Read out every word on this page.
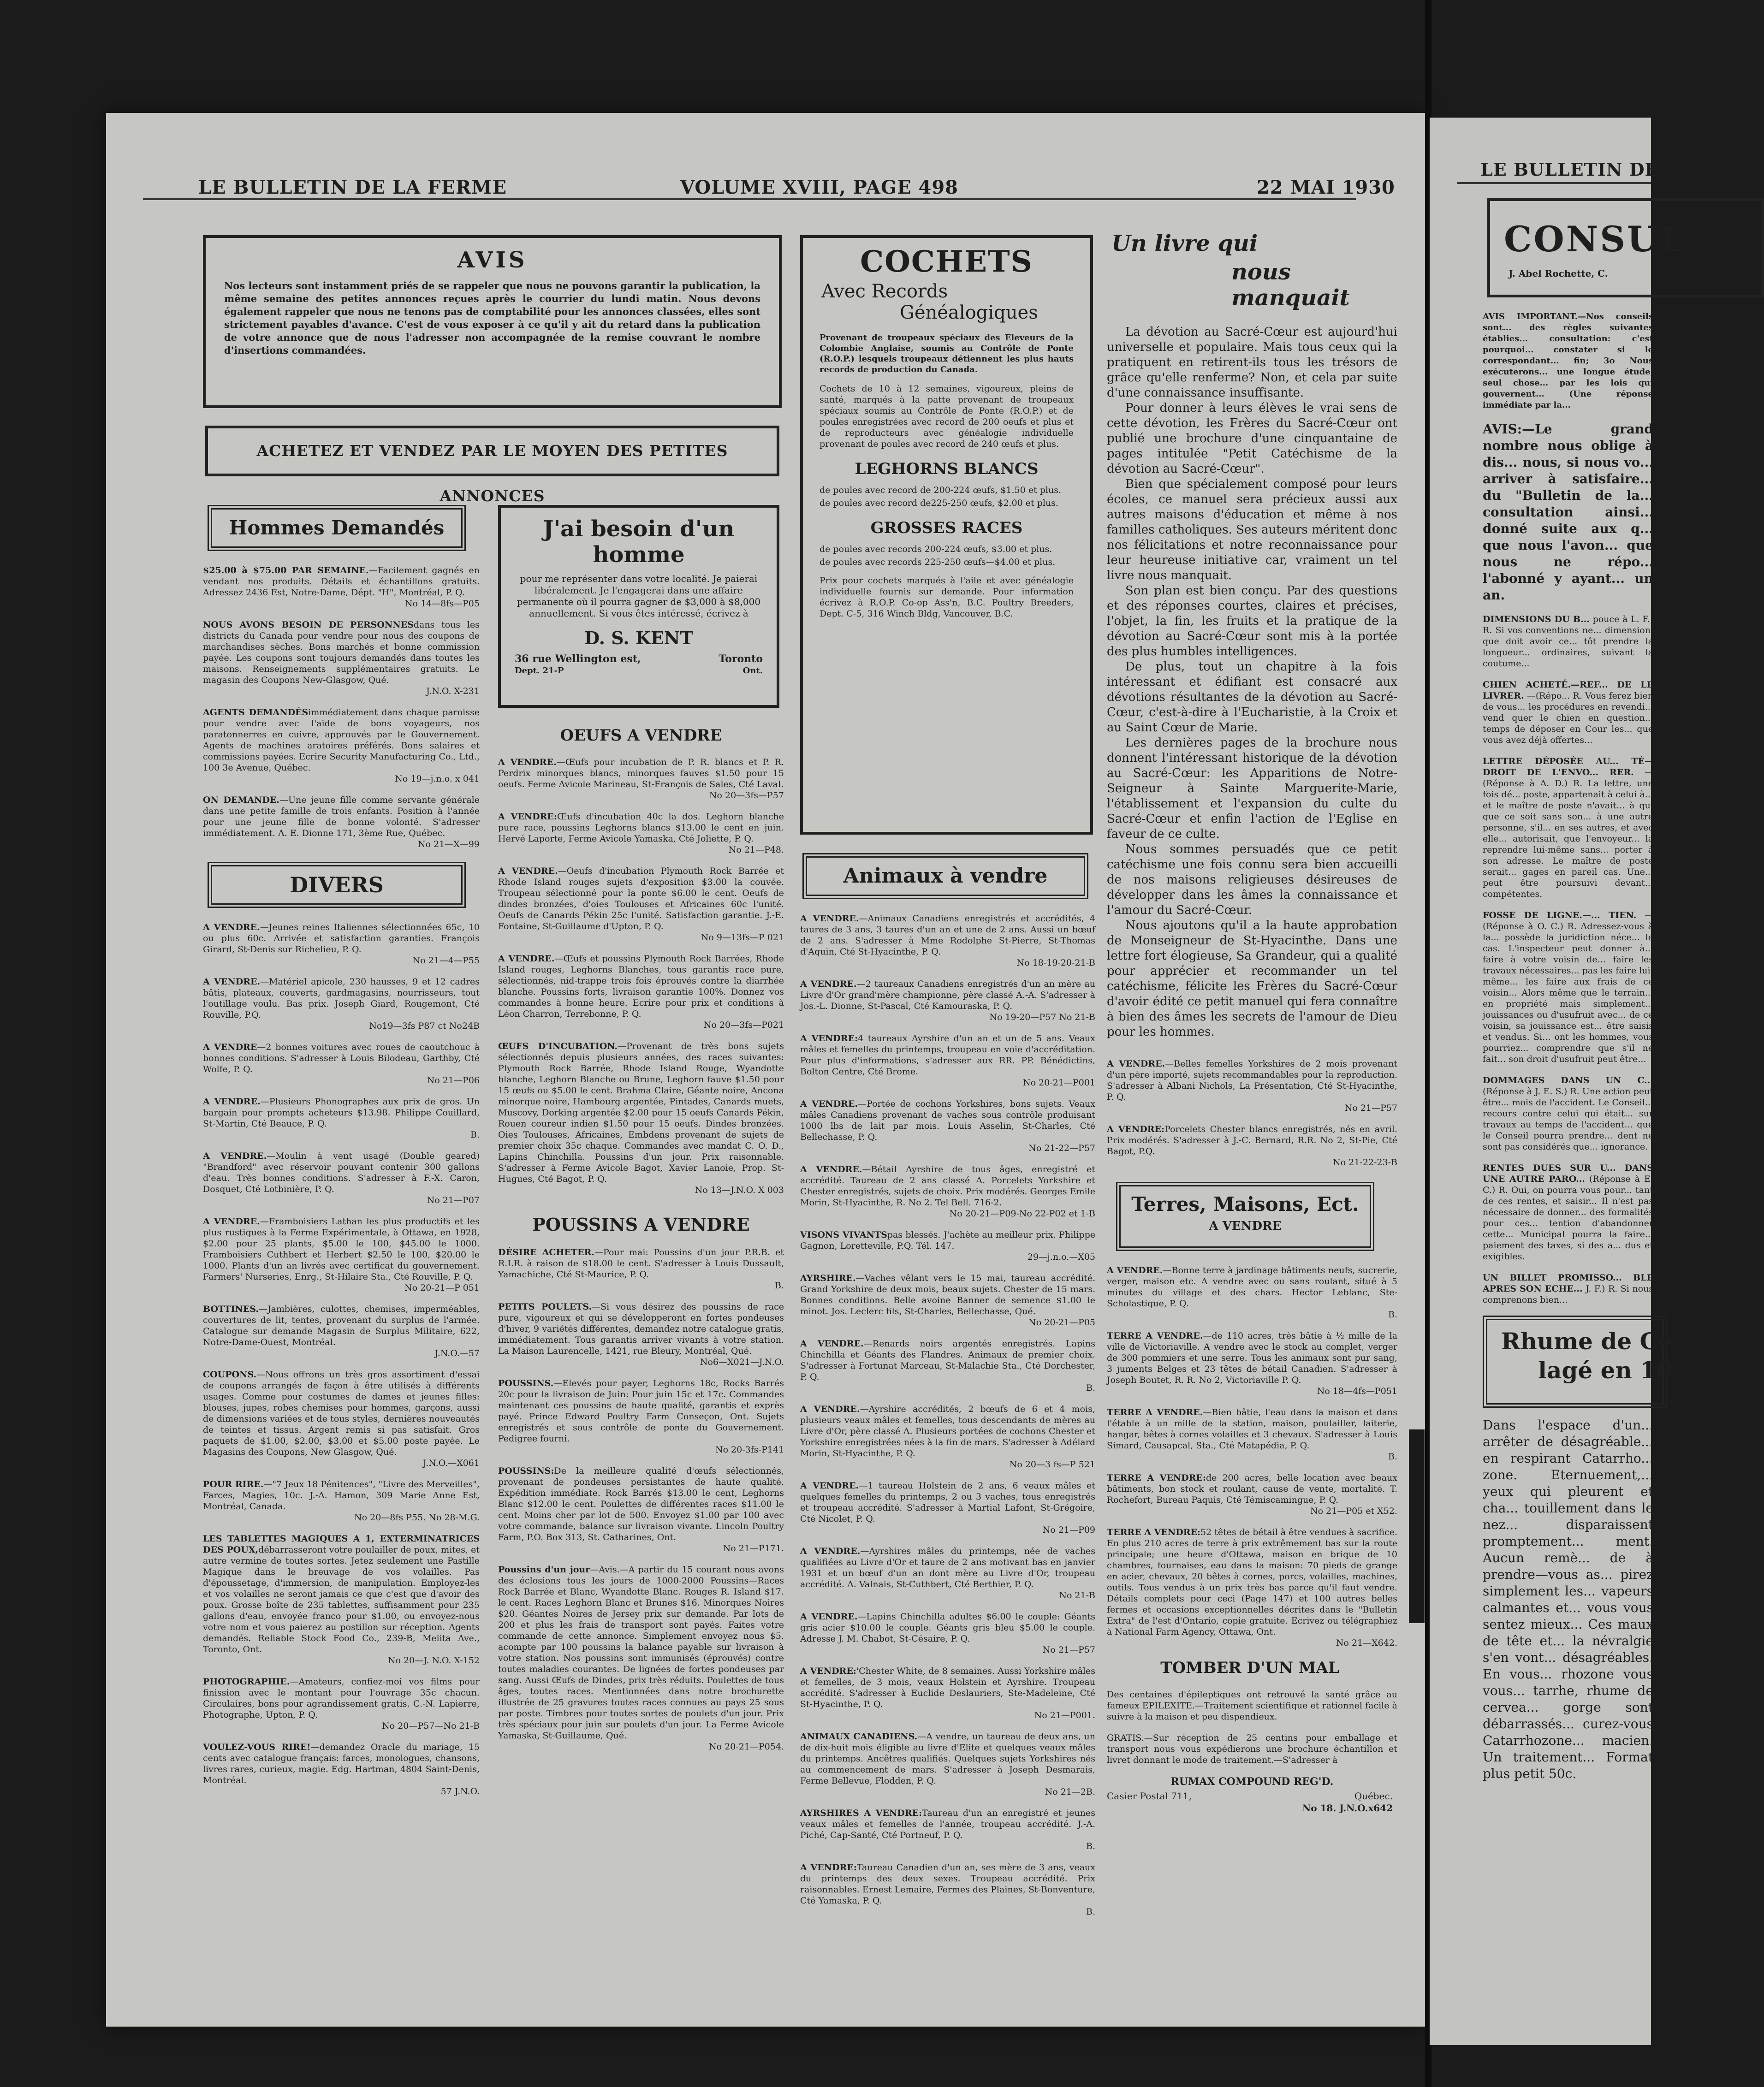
LE BULLETIN DE LA FERME	VOLUME XVIII, PAGE 498	22 MAI 1930
AVIS
Nos lecteurs sont instamment priés de se rappeler que nous ne pouvons garantir la publication, la même semaine des petites annonces reçues après le courrier du lundi matin. Nous devons également rappeler que nous ne tenons pas de comptabilité pour les annonces classées, elles sont strictement payables d'avance. C'est de vous exposer à ce qu'il y ait du retard dans la publication de votre annonce que de nous l'adresser non accompagnée de la remise couvrant le nombre d'insertions commandées.
ACHETEZ ET VENDEZ PAR LE MOYEN DES PETITES ANNONCES
Hommes Demandés
$25.00 à $75.00 PAR SEMAINE.—Facilement gagnés en vendant nos produits. Détails et échantillons gratuits. Adressez 2436 Est, Notre-Dame, Dépt. "H", Montréal, P. Q.
No 14—8fs—P05
NOUS AVONS BESOIN DE PERSONNESdans tous les districts du Canada pour vendre pour nous des coupons de marchandises sèches. Bons marchés et bonne commission payée. Les coupons sont toujours demandés dans toutes les maisons. Renseignements supplémentaires gratuits. Le magasin des Coupons New-Glasgow, Qué.
J.N.O. X-231
AGENTS DEMANDÉSimmédiatement dans chaque paroisse pour vendre avec l'aide de bons voyageurs, nos paratonnerres en cuivre, approuvés par le Gouvernement. Agents de machines aratoires préférés. Bons salaires et commissions payées. Ecrire Security Manufacturing Co., Ltd., 100 3e Avenue, Québec.
No 19—j.n.o. x 041
ON DEMANDE.—Une jeune fille comme servante générale dans une petite famille de trois enfants. Position à l'année pour une jeune fille de bonne volonté. S'adresser immédiatement. A. E. Dionne 171, 3ème Rue, Québec.
No 21—X—99
DIVERS
A VENDRE.—Jeunes reines Italiennes sélectionnées 65c, 10 ou plus 60c. Arrivée et satisfaction garanties. François Girard, St-Denis sur Richelieu, P. Q.
No 21—4—P55
A VENDRE.—Matériel apicole, 230 hausses, 9 et 12 cadres bâtis, plateaux, couverts, gardmagasins, nourrisseurs, tout l'outillage voulu. Bas prix. Joseph Giard, Rougemont, Cté Rouville, P.Q.
No19—3fs P87 ct No24B
A VENDRE—2 bonnes voitures avec roues de caoutchouc à bonnes conditions. S'adresser à Louis Bilodeau, Garthby, Cté Wolfe, P. Q.
No 21—P06
A VENDRE.—Plusieurs Phonographes aux prix de gros. Un bargain pour prompts acheteurs $13.98. Philippe Couillard, St-Martin, Cté Beauce, P. Q.
B.
A VENDRE.—Moulin à vent usagé (Double geared) "Brandford" avec réservoir pouvant contenir 300 gallons d'eau. Très bonnes conditions. S'adresser à F.-X. Caron, Dosquet, Cté Lotbinière, P. Q.
No 21—P07
A VENDRE.—Framboisiers Lathan les plus productifs et les plus rustiques à la Ferme Expérimentale, à Ottawa, en 1928, $2.00 pour 25 plants, $5.00 le 100, $45.00 le 1000. Framboisiers Cuthbert et Herbert $2.50 le 100, $20.00 le 1000. Plants d'un an livrés avec certificat du gouvernement. Farmers' Nurseries, Enrg., St-Hilaire Sta., Cté Rouville, P. Q.
No 20-21—P 051
BOTTINES.—Jambières, culottes, chemises, imperméables, couvertures de lit, tentes, provenant du surplus de l'armée. Catalogue sur demande Magasin de Surplus Militaire, 622, Notre-Dame-Ouest, Montréal.
J.N.O.—57
COUPONS.—Nous offrons un très gros assortiment d'essai de coupons arrangés de façon à être utilisés à différents usages. Comme pour costumes de dames et jeunes filles: blouses, jupes, robes chemises pour hommes, garçons, aussi de dimensions variées et de tous styles, dernières nouveautés de teintes et tissus. Argent remis si pas satisfait. Gros paquets de $1.00, $2.00, $3.00 et $5.00 poste payée. Le Magasins des Coupons, New Glasgow, Qué.
J.N.O.—X061
POUR RIRE.—"7 Jeux 18 Pénitences", "Livre des Merveilles", Farces, Magies, 10c. J.-A. Hamon, 309 Marie Anne Est, Montréal, Canada.
No 20—8fs P55. No 28-M.G.
LES TABLETTES MAGIQUES A 1, EXTERMINATRICES DES POUX,débarrasseront votre poulailler de poux, mites, et autre vermine de toutes sortes. Jetez seulement une Pastille Magique dans le breuvage de vos volailles. Pas d'époussetage, d'immersion, de manipulation. Employez-les et vos volailles ne seront jamais ce que c'est que d'avoir des poux. Grosse boîte de 235 tablettes, suffisamment pour 235 gallons d'eau, envoyée franco pour $1.00, ou envoyez-nous votre nom et vous paierez au postillon sur réception. Agents demandés. Reliable Stock Food Co., 239-B, Melita Ave., Toronto, Ont.
No 20—J. N.O. X-152
PHOTOGRAPHIE.—Amateurs, confiez-moi vos films pour finission avec le montant pour l'ouvrage 35c chacun. Circulaires, bons pour agrandissement gratis. C.-N. Lapierre, Photographe, Upton, P. Q.
No 20—P57—No 21-B
VOULEZ-VOUS RIRE!—demandez Oracle du mariage, 15 cents avec catalogue français: farces, monologues, chansons, livres rares, curieux, magie. Edg. Hartman, 4804 Saint-Denis, Montréal.
57 J.N.O.
J'ai besoin d'un homme
pour me représenter dans votre localité. Je paierai libéralement. Je l'engagerai dans une affaire permanente où il pourra gagner de $3,000 à $8,000 annuellement. Si vous êtes intéressé, écrivez à
D. S. KENT
36 rue Wellington est,	Toronto
Dept. 21-P	Ont.
OEUFS A VENDRE
A VENDRE.—Œufs pour incubation de P. R. blancs et P. R. Perdrix minorques blancs, minorques fauves $1.50 pour 15 oeufs. Ferme Avicole Marineau, St-François de Sales, Cté Laval.
No 20—3fs—P57
A VENDRE:Œufs d'incubation 40c la dos. Leghorn blanche pure race, poussins Leghorns blancs $13.00 le cent en juin. Hervé Laporte, Ferme Avicole Yamaska, Cté Joliette, P. Q.
No 21—P48.
A VENDRE.—Oeufs d'incubation Plymouth Rock Barrée et Rhode Island rouges sujets d'exposition $3.00 la couvée. Troupeau sélectionné pour la ponte $6.00 le cent. Oeufs de dindes bronzées, d'oies Toulouses et Africaines 60c l'unité. Oeufs de Canards Pékin 25c l'unité. Satisfaction garantie. J.-E. Fontaine, St-Guillaume d'Upton, P. Q.
No 9—13fs—P 021
A VENDRE.—Œufs et poussins Plymouth Rock Barrées, Rhode Island rouges, Leghorns Blanches, tous garantis race pure, sélectionnés, nid-trappe trois fois éprouvés contre la diarrhée blanche. Poussins forts, livraison garantie 100%. Donnez vos commandes à bonne heure. Ecrire pour prix et conditions à Léon Charron, Terrebonne, P. Q.
No 20—3fs—P021
ŒUFS D'INCUBATION.—Provenant de très bons sujets sélectionnés depuis plusieurs années, des races suivantes: Plymouth Rock Barrée, Rhode Island Rouge, Wyandotte blanche, Leghorn Blanche ou Brune, Leghorn fauve $1.50 pour 15 œufs ou $5.00 le cent. Brahma Claire, Géante noire, Ancona minorque noire, Hambourg argentée, Pintades, Canards muets, Muscovy, Dorking argentée $2.00 pour 15 oeufs Canards Pékin, Rouen coureur indien $1.50 pour 15 oeufs. Dindes bronzées. Oies Toulouses, Africaines, Embdens provenant de sujets de premier choix 35c chaque. Commandes avec mandat C. O. D., Lapins Chinchilla. Poussins d'un jour. Prix raisonnable. S'adresser à Ferme Avicole Bagot, Xavier Lanoie, Prop. St-Hugues, Cté Bagot, P. Q.
No 13—J.N.O. X 003
POUSSINS A VENDRE
DÉSIRE ACHETER.—Pour mai: Poussins d'un jour P.R.B. et R.I.R. à raison de $18.00 le cent. S'adresser à Louis Dussault, Yamachiche, Cté St-Maurice, P. Q.
B.
PETITS POULETS.—Si vous désirez des poussins de race pure, vigoureux et qui se développeront en fortes pondeuses d'hiver, 9 variétés différentes, demandez notre catalogue gratis, immédiatement. Tous garantis arriver vivants à votre station. La Maison Laurencelle, 1421, rue Bleury, Montréal, Qué.
No6—X021—J.N.O.
POUSSINS.—Elevés pour payer, Leghorns 18c, Rocks Barrés 20c pour la livraison de Juin: Pour juin 15c et 17c. Commandes maintenant ces poussins de haute qualité, garantis et exprès payé. Prince Edward Poultry Farm Conseçon, Ont. Sujets enregistrés et sous contrôle de ponte du Gouvernement. Pedigree fourni.
No 20-3fs-P141
POUSSINS:De la meilleure qualité d'œufs sélectionnés, provenant de pondeuses persistantes de haute qualité. Expédition immédiate. Rock Barrés $13.00 le cent, Leghorns Blanc $12.00 le cent. Poulettes de différentes races $11.00 le cent. Moins cher par lot de 500. Envoyez $1.00 par 100 avec votre commande, balance sur livraison vivante. Lincoln Poultry Farm, P.O. Box 313, St. Catharines, Ont.
No 21—P171.
Poussins d'un jour—Avis.—A partir du 15 courant nous avons des éclosions tous les jours de 1000-2000 Poussins—Races Rock Barrée et Blanc, Wyandotte Blanc. Rouges R. Island $17. le cent. Races Leghorn Blanc et Brunes $16. Minorques Noires $20. Géantes Noires de Jersey prix sur demande. Par lots de 200 et plus les frais de transport sont payés. Faites votre commande de cette annonce. Simplement envoyez nous $5. acompte par 100 poussins la balance payable sur livraison à votre station. Nos poussins sont immunisés (éprouvés) contre toutes maladies courantes. De lignées de fortes pondeuses par sang. Aussi Œufs de Dindes, prix très réduits. Poulettes de tous âges, toutes races. Mentionnées dans notre brochurette illustrée de 25 gravures toutes races connues au pays 25 sous par poste. Timbres pour toutes sortes de poulets d'un jour. Prix très spéciaux pour juin sur poulets d'un jour. La Ferme Avicole Yamaska, St-Guillaume, Qué.
No 20-21—P054.
COCHETS
Avec Records
Généalogiques
Provenant de troupeaux spéciaux des Eleveurs de la Colombie Anglaise, soumis au Contrôle de Ponte (R.O.P.) lesquels troupeaux détiennent les plus hauts records de production du Canada.
Cochets de 10 à 12 semaines, vigoureux, pleins de santé, marqués à la patte provenant de troupeaux spéciaux soumis au Contrôle de Ponte (R.O.P.) et de poules enregistrées avec record de 200 oeufs et plus et de reproducteurs avec généalogie individuelle provenant de poules avec record de 240 œufs et plus.
LEGHORNS BLANCS
de poules avec record de 200-224 œufs, $1.50 et plus.
de poules avec record de225-250 œufs, $2.00 et plus.
GROSSES RACES
de poules avec records 200-224 œufs, $3.00 et plus.
de poules avec records 225-250 œufs—$4.00 et plus.
Prix pour cochets marqués à l'aile et avec généalogie individuelle fournis sur demande. Pour information écrivez à R.O.P. Co-op Ass'n, B.C. Poultry Breeders, Dept. C-5, 316 Winch Bldg, Vancouver, B.C.
Animaux à vendre
A VENDRE.—Animaux Canadiens enregistrés et accrédités, 4 taures de 3 ans, 3 taures d'un an et une de 2 ans. Aussi un bœuf de 2 ans. S'adresser à Mme Rodolphe St-Pierre, St-Thomas d'Aquin, Cté St-Hyacinthe, P. Q.
No 18-19-20-21-B
A VENDRE.—2 taureaux Canadiens enregistrés d'un an mère au Livre d'Or grand'mère championne, père classé A.-A. S'adresser à Jos.-L. Dionne, St-Pascal, Cté Kamouraska, P. Q.
No 19-20—P57 No 21-B
A VENDRE:4 taureaux Ayrshire d'un an et un de 5 ans. Veaux mâles et femelles du printemps, troupeau en voie d'accréditation. Pour plus d'informations, s'adresser aux RR. PP. Bénédictins, Bolton Centre, Cté Brome.
No 20-21—P001
A VENDRE.—Portée de cochons Yorkshires, bons sujets. Veaux mâles Canadiens provenant de vaches sous contrôle produisant 1000 lbs de lait par mois. Louis Asselin, St-Charles, Cté Bellechasse, P. Q.
No 21-22—P57
A VENDRE.—Bétail Ayrshire de tous âges, enregistré et accrédité. Taureau de 2 ans classé A. Porcelets Yorkshire et Chester enregistrés, sujets de choix. Prix modérés. Georges Emile Morin, St-Hyacinthe, R. No 2. Tel Bell. 716-2.
No 20-21—P09-No 22-P02 et 1-B
VISONS VIVANTSpas blessés. J'achète au meilleur prix. Philippe Gagnon, Loretteville, P.Q. Tél. 147.
29—j.n.o.—X05
AYRSHIRE.—Vaches vêlant vers le 15 mai, taureau accrédité. Grand Yorkshire de deux mois, beaux sujets. Chester de 15 mars. Bonnes conditions. Belle avoine Banner de semence $1.00 le minot. Jos. Leclerc fils, St-Charles, Bellechasse, Qué.
No 20-21—P05
A VENDRE.—Renards noirs argentés enregistrés. Lapins Chinchilla et Géants des Flandres. Animaux de premier choix. S'adresser à Fortunat Marceau, St-Malachie Sta., Cté Dorchester, P. Q.
B.
A VENDRE.—Ayrshire accrédités, 2 bœufs de 6 et 4 mois, plusieurs veaux mâles et femelles, tous descendants de mères au Livre d'Or, père classé A. Plusieurs portées de cochons Chester et Yorkshire enregistrées nées à la fin de mars. S'adresser à Adélard Morin, St-Hyacinthe, P. Q.
No 20—3 fs—P 521
A VENDRE.—1 taureau Holstein de 2 ans, 6 veaux mâles et quelques femelles du printemps, 2 ou 3 vaches, tous enregistrés et troupeau accrédité. S'adresser à Martial Lafont, St-Grégoire, Cté Nicolet, P. Q.
No 21—P09
A VENDRE.—Ayrshires mâles du printemps, née de vaches qualifiées au Livre d'Or et taure de 2 ans motivant bas en janvier 1931 et un bœuf d'un an dont mère au Livre d'Or, troupeau accrédité. A. Valnais, St-Cuthbert, Cté Berthier, P. Q.
No 21-B
A VENDRE.—Lapins Chinchilla adultes $6.00 le couple: Géants gris acier $10.00 le couple. Géants gris bleu $5.00 le couple. Adresse J. M. Chabot, St-Césaire, P. Q.
No 21—P57
A VENDRE:'Chester White, de 8 semaines. Aussi Yorkshire mâles et femelles, de 3 mois, veaux Holstein et Ayrshire. Troupeau accrédité. S'adresser à Euclide Deslauriers, Ste-Madeleine, Cté St-Hyacinthe, P. Q.
No 21—P001.
ANIMAUX CANADIENS.—A vendre, un taureau de deux ans, un de dix-huit mois éligible au livre d'Elite et quelques veaux mâles du printemps. Ancêtres qualifiés. Quelques sujets Yorkshires nés au commencement de mars. S'adresser à Joseph Desmarais, Ferme Bellevue, Flodden, P. Q.
No 21—2B.
AYRSHIRES A VENDRE:Taureau d'un an enregistré et jeunes veaux mâles et femelles de l'année, troupeau accrédité. J.-A. Piché, Cap-Santé, Cté Portneuf, P. Q.
B.
A VENDRE:Taureau Canadien d'un an, ses mère de 3 ans, veaux du printemps des deux sexes. Troupeau accrédité. Prix raisonnables. Ernest Lemaire, Fermes des Plaines, St-Bonventure, Cté Yamaska, P. Q.
B.
Un livre qui
nous manquait

La dévotion au Sacré-Cœur est aujourd'hui universelle et populaire. Mais tous ceux qui la pratiquent en retirent-ils tous les trésors de grâce qu'elle renferme? Non, et cela par suite d'une connaissance insuffisante.

Pour donner à leurs élèves le vrai sens de cette dévotion, les Frères du Sacré-Cœur ont publié une brochure d'une cinquantaine de pages intitulée "Petit Catéchisme de la dévotion au Sacré-Cœur".

Bien que spécialement composé pour leurs écoles, ce manuel sera précieux aussi aux autres maisons d'éducation et même à nos familles catholiques. Ses auteurs méritent donc nos félicitations et notre reconnaissance pour leur heureuse initiative car, vraiment un tel livre nous manquait.

Son plan est bien conçu. Par des questions et des réponses courtes, claires et précises, l'objet, la fin, les fruits et la pratique de la dévotion au Sacré-Cœur sont mis à la portée des plus humbles intelligences.

De plus, tout un chapitre à la fois intéressant et édifiant est consacré aux dévotions résultantes de la dévotion au Sacré-Cœur, c'est-à-dire à l'Eucharistie, à la Croix et au Saint Cœur de Marie.

Les dernières pages de la brochure nous donnent l'intéressant historique de la dévotion au Sacré-Cœur: les Apparitions de Notre-Seigneur à Sainte Marguerite-Marie, l'établissement et l'expansion du culte du Sacré-Cœur et enfin l'action de l'Eglise en faveur de ce culte.

Nous sommes persuadés que ce petit catéchisme une fois connu sera bien accueilli de nos maisons religieuses désireuses de développer dans les âmes la connaissance et l'amour du Sacré-Cœur.

Nous ajoutons qu'il a la haute approbation de Monseigneur de St-Hyacinthe. Dans une lettre fort élogieuse, Sa Grandeur, qui a qualité pour apprécier et recommander un tel catéchisme, félicite les Frères du Sacré-Cœur d'avoir édité ce petit manuel qui fera connaître à bien des âmes les secrets de l'amour de Dieu pour les hommes.

A VENDRE.—Belles femelles Yorkshires de 2 mois provenant d'un père importé, sujets recommandables pour la reproduction. S'adresser à Albani Nichols, La Présentation, Cté St-Hyacinthe, P. Q.
No 21—P57
A VENDRE:Porcelets Chester blancs enregistrés, nés en avril. Prix modérés. S'adresser à J.-C. Bernard, R.R. No 2, St-Pie, Cté Bagot, P.Q.
No 21-22-23-B
Terres, Maisons, Ect.
A VENDRE
A VENDRE.—Bonne terre à jardinage bâtiments neufs, sucrerie, verger, maison etc. A vendre avec ou sans roulant, situé à 5 minutes du village et des chars. Hector Leblanc, Ste-Scholastique, P. Q.
B.
TERRE A VENDRE.—de 110 acres, très bâtie à ½ mille de la ville de Victoriaville. A vendre avec le stock au complet, verger de 300 pommiers et une serre. Tous les animaux sont pur sang, 3 juments Belges et 23 têtes de bétail Canadien. S'adresser à Joseph Boutet, R. R. No 2, Victoriaville P. Q.
No 18—4fs—P051
TERRE A VENDRE.—Bien bâtie, l'eau dans la maison et dans l'étable à un mille de la station, maison, poulailler, laiterie, hangar, bêtes à cornes volailles et 3 chevaux. S'adresser à Louis Simard, Causapcal, Sta., Cté Matapédia, P. Q.
B.
TERRE A VENDRE:de 200 acres, belle location avec beaux bâtiments, bon stock et roulant, cause de vente, mortalité. T. Rochefort, Bureau Paquis, Cté Témiscamingue, P. Q.
No 21—P05 et X52.
TERRE A VENDRE:52 têtes de bétail à être vendues à sacrifice. En plus 210 acres de terre à prix extrêmement bas sur la route principale; une heure d'Ottawa, maison en brique de 10 chambres, fournaises, eau dans la maison: 70 pieds de grange en acier, chevaux, 20 bêtes à cornes, porcs, volailles, machines, outils. Tous vendus à un prix très bas parce qu'il faut vendre. Détails complets pour ceci (Page 147) et 100 autres belles fermes et occasions exceptionnelles décrites dans le "Bulletin Extra" de l'est d'Ontario, copie gratuite. Ecrivez ou télégraphiez à National Farm Agency, Ottawa, Ont.
No 21—X642.
TOMBER D'UN MAL

Des centaines d'épileptiques ont retrouvé la santé grâce au fameux EPILEXITE.—Traitement scientifique et rationnel facile à suivre à la maison et peu dispendieux.

GRATIS.—Sur réception de 25 centins pour emballage et transport nous vous expédierons une brochure échantillon et livret donnant le mode de traitement.—S'adresser à

RUMAX COMPOUND REG'D.
Casier Postal 711,	Québec.
No 18. J.N.O.x642
LE BULLETIN DE
CONSUL
J. Abel Rochette, C.

AVIS IMPORTANT.—Nos conseils sont... des règles suivantes établies... consultation: c'est pourquoi... constater si le correspondant... fin; 3o Nous exécuterons... une longue étude, seul chose... par les lois qui gouvernent... (Une réponse immédiate par la...

AVIS:—Le grand nombre nous oblige à dis... nous, si nous vo... arriver à satisfaire... du "Bulletin de la... consultation ainsi... donné suite aux q... que nous l'avon... que nous ne répo... l'abonné y ayant... un an.

DIMENSIONS DU B... pouce à L. F.) R. Si vos conventions ne... dimension, que doit avoir ce... tôt prendre la longueur... ordinaires, suivant la coutume...
CHIEN ACHETÉ.—REF... DE LE LIVRER. —(Répo... R. Vous ferez bien de vous... les procédures en revendi... vend quer le chien en question... temps de déposer en Cour les... que vous avez déjà offertes...
LETTRE DÉPOSÉE AU... TÉ—DROIT DE L'ENVO... RER. —(Réponse à A. D.) R. La lettre, une fois dé... poste, appartenait à celui à... et le maître de poste n'avait... à qui que ce soit sans son... à une autre personne, s'il... en ses autres, et avec elle... autorisait, que l'envoyeur... la reprendre lui-même sans... porter à son adresse. Le maître de poste serait... gages en pareil cas. Une... peut être poursuivi devant... compétentes.
FOSSE DE LIGNE.—... TIEN. —(Réponse à O. C.) R. Adressez-vous à la... possède la juridiction néce... le cas. L'inspecteur peut donner à... faire à votre voisin de... faire les travaux nécessaires... pas les faire lui-même... les faire aux frais de ce voisin... Alors même que le terrain... en propriété mais simplement... jouissances ou d'usufruit avec... de ce voisin, sa jouissance est... être saisis et vendus. Si... ont les hommes, vous pourriez... comprendre que s'il ne fait... son droit d'usufruit peut être...
DOMMAGES DANS UN C... (Réponse à J. E. S.) R. Une action peut être... mois de l'accident. Le Conseil... recours contre celui qui était... sur travaux au temps de l'accident... que le Conseil pourra prendre... dent ne sont pas considérés que... ignorance.
RENTES DUES SUR U... DANS UNE AUTRE PARO... (Réponse à E. C.) R. Oui, on pourra vous pour... tant de ces rentes, et saisir... Il n'est pas nécessaire de donner... des formalités pour ces... tention d'abandonner cette... Municipal pourra la faire... paiement des taxes, si des a... dus et exigibles.
UN BILLET PROMISSO... BLE APRES SON ECHE... J. F.) R. Si nous comprenons bien...
Rhume de Ce
lagé en 10

Dans l'espace d'un... arrêter de désagréable... en respirant Catarrho... zone. Eternuement,... yeux qui pleurent et cha... touillement dans le nez... disparaissent promptement... ment. Aucun remè... de à prendre—vous as... pirez simplement les... vapeurs calmantes et... vous vous sentez mieux... Ces maux de tête et... la névralgie s'en vont... désagréables. En vous... rhozone vous vous... tarrhe, rhume de cervea... gorge sont débarrassés... curez-vous Catarrhozone... macien. Un traitement... Format plus petit 50c.
